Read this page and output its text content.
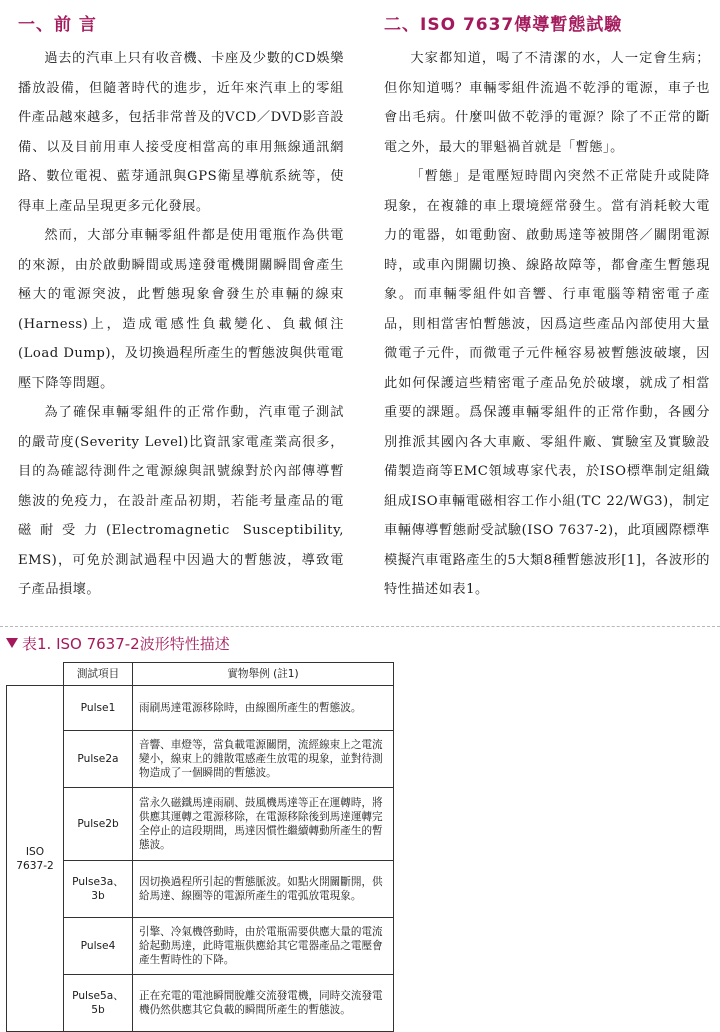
一、前 言

過去的汽車上只有收音機、卡座及少數的CD娛樂播放設備，但隨著時代的進步，近年來汽車上的零組件產品越來越多，包括非常普及的VCD／DVD影音設備、以及目前用車人接受度相當高的車用無線通訊網路、數位電視、藍芽通訊與GPS衛星導航系統等，使得車上產品呈現更多元化發展。

然而，大部分車輛零組件都是使用電瓶作為供電的來源，由於啟動瞬間或馬達發電機開關瞬間會產生極大的電源突波，此暫態現象會發生於車輛的線束(Harness)上，造成電感性負載變化、負載傾注(Load Dump)，及切換過程所產生的暫態波與供電電壓下降等問題。

為了確保車輛零組件的正常作動，汽車電子測試的嚴苛度(Severity Level)比資訊家電產業高很多，目的為確認待測件之電源線與訊號線對於內部傳導暫態波的免疫力，在設計產品初期，若能考量產品的電磁耐受力(Electromagnetic Susceptibility, EMS)，可免於測試過程中因過大的暫態波，導致電子產品損壞。

二、ISO 7637傳導暫態試驗

大家都知道，喝了不清潔的水，人一定會生病；但你知道嗎？車輛零組件流過不乾淨的電源，車子也會出毛病。什麼叫做不乾淨的電源？除了不正常的斷電之外，最大的罪魁禍首就是「暫態」。

「暫態」是電壓短時間內突然不正常陡升或陡降現象，在複雜的車上環境經常發生。當有消耗較大電力的電器，如電動窗、啟動馬達等被開啓／關閉電源時，或車內開關切換、線路故障等，都會產生暫態現象。而車輛零組件如音響、行車電腦等精密電子產品，則相當害怕暫態波，因爲這些產品內部使用大量微電子元件，而微電子元件極容易被暫態波破壞，因此如何保護這些精密電子產品免於破壞，就成了相當重要的課題。爲保護車輛零組件的正常作動，各國分別推派其國內各大車廠、零組件廠、實驗室及實驗設備製造商等EMC領域專家代表，於ISO標準制定組織組成ISO車輛電磁相容工作小組(TC 22/WG3)，制定車輛傳導暫態耐受試驗(ISO 7637-2)，此項國際標準模擬汽車電路產生的5大類8種暫態波形[1]，各波形的特性描述如表1。

表1. ISO 7637-2波形特性描述
	測試項目	實物舉例 (註1)
ISO 7637-2	Pulse1	雨刷馬達電源移除時，由線圈所產生的暫態波。
	Pulse2a	音響、車燈等，當負載電源關閉，流經線束上之電流變小，線束上的雜散電感產生放電的現象，並對待測物造成了一個瞬間的暫態波。
	Pulse2b	當永久磁鐵馬達雨刷、鼓風機馬達等正在運轉時，將供應其運轉之電源移除，在電源移除後到馬達運轉完全停止的這段期間，馬達因慣性繼續轉動所產生的暫態波。
	Pulse3a、3b	因切換過程所引起的暫態脈波。如點火開關斷開，供給馬達、線圈等的電源所產生的電弧放電現象。
	Pulse4	引擎、冷氣機啓動時，由於電瓶需要供應大量的電流給起動馬達，此時電瓶供應給其它電器產品之電壓會產生暫時性的下降。
	Pulse5a、5b	正在充電的電池瞬間脫離交流發電機，同時交流發電機仍然供應其它負載的瞬間所產生的暫態波。
